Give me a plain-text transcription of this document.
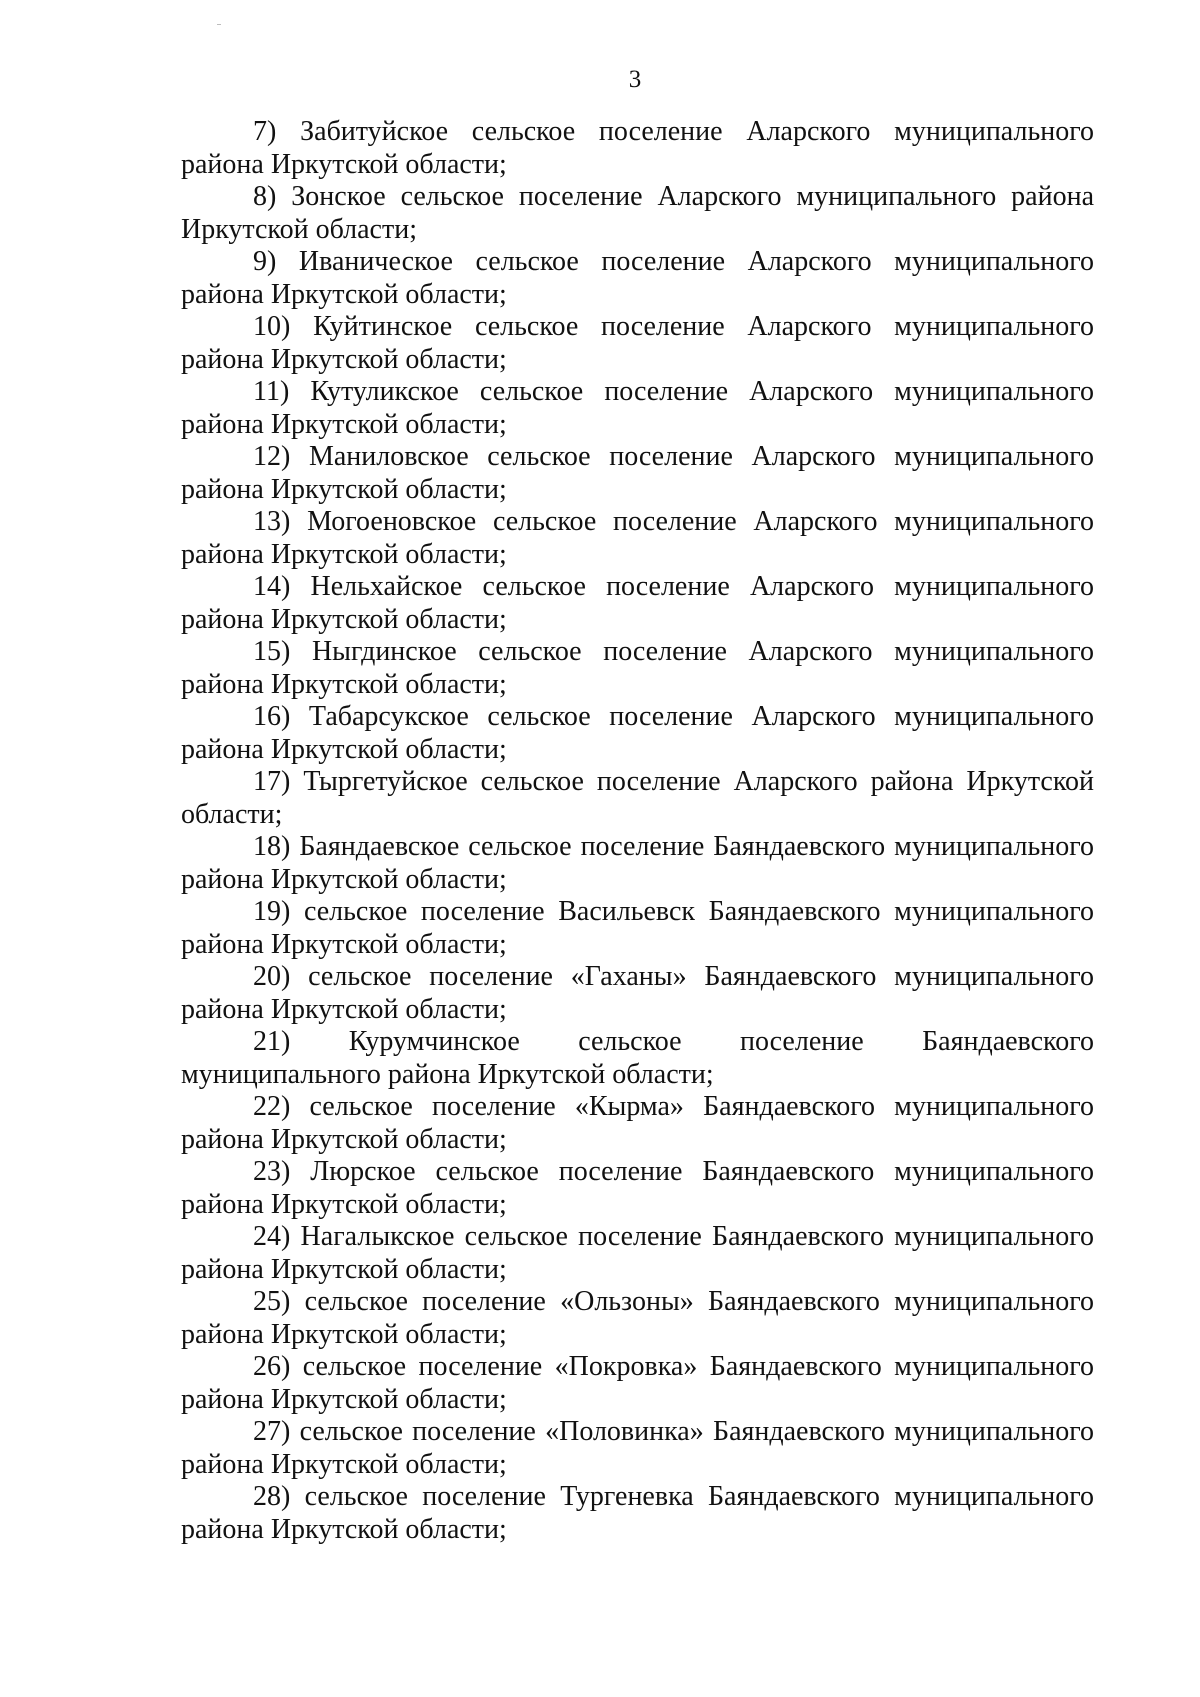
3
7) Забитуйское сельское поселение Аларского муниципального района Иркутской области;
8) Зонское сельское поселение Аларского муниципального района Иркутской области;
9) Иваническое сельское поселение Аларского муниципального района Иркутской области;
10) Куйтинское сельское поселение Аларского муниципального района Иркутской области;
11) Кутуликское сельское поселение Аларского муниципального района Иркутской области;
12) Маниловское сельское поселение Аларского муниципального района Иркутской области;
13) Могоеновское сельское поселение Аларского муниципального района Иркутской области;
14) Нельхайское сельское поселение Аларского муниципального района Иркутской области;
15) Ныгдинское сельское поселение Аларского муниципального района Иркутской области;
16) Табарсукское сельское поселение Аларского муниципального района Иркутской области;
17) Тыргетуйское сельское поселение Аларского района Иркутской области;
18) Баяндаевское сельское поселение Баяндаевского муниципального района Иркутской области;
19) сельское поселение Васильевск Баяндаевского муниципального района Иркутской области;
20) сельское поселение «Гаханы» Баяндаевского муниципального района Иркутской области;
21) Курумчинское сельское поселение Баяндаевского муниципального района Иркутской области;
22) сельское поселение «Кырма» Баяндаевского муниципального района Иркутской области;
23) Люрское сельское поселение Баяндаевского муниципального района Иркутской области;
24) Нагалыкское сельское поселение Баяндаевского муниципального района Иркутской области;
25) сельское поселение «Ользоны» Баяндаевского муниципального района Иркутской области;
26) сельское поселение «Покровка» Баяндаевского муниципального района Иркутской области;
27) сельское поселение «Половинка» Баяндаевского муниципального района Иркутской области;
28) сельское поселение Тургеневка Баяндаевского муниципального района Иркутской области;
